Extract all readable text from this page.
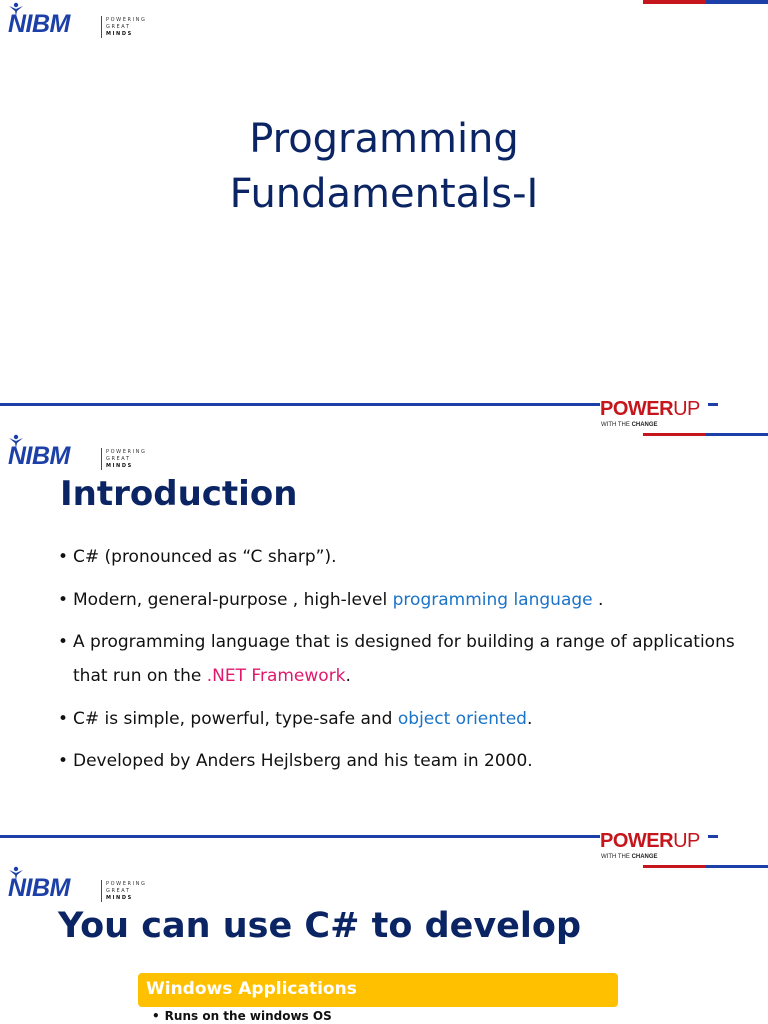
NIBM	POWERING
GREAT
MINDS
Programming
Fundamentals-I
NIBM	POWERING
GREAT
MINDS
Introduction
• C# (pronounced as “C sharp”).
• Modern, general-purpose , high-level programming language .
• A programming language that is designed for building a range of applications that run on the .NET Framework.
• C# is simple, powerful, type-safe and object oriented.
• Developed by Anders Hejlsberg and his team in 2000.
NIBM	POWERING
GREAT
MINDS
You can use C# to develop
Windows Applications
• Runs on the windows OS
POWERUP
WITH THE CHANGE
POWERUP
WITH THE CHANGE
